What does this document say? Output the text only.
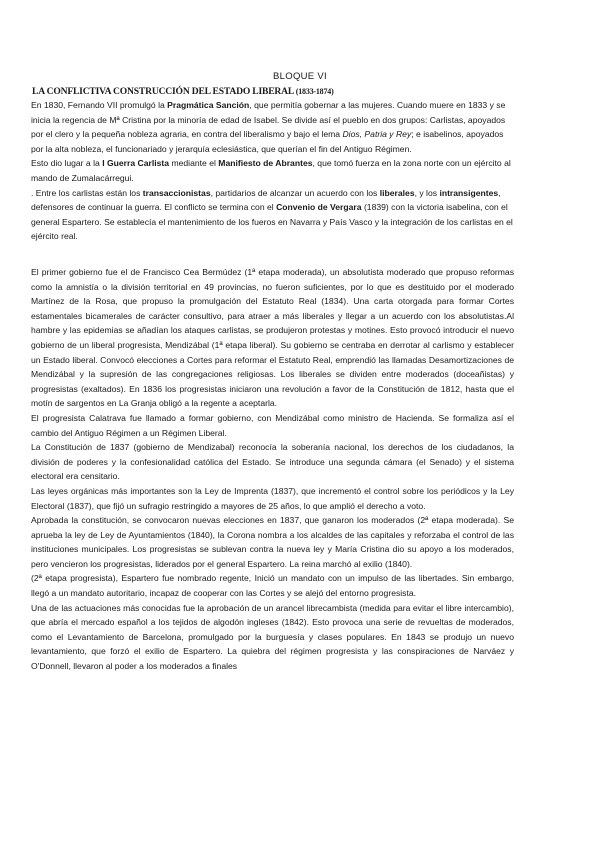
BLOQUE VI
LA CONFLICTIVA CONSTRUCCIÓN DEL ESTADO LIBERAL (1833-1874)

En 1830, Fernando VII promulgó la Pragmática Sanción, que permitía gobernar a las mujeres. Cuando muere en 1833 y se inicia la regencia de Mª Cristina por la minoría de edad de Isabel. Se divide así el pueblo en dos grupos: Carlistas, apoyados por el clero y la pequeña nobleza agraria, en contra del liberalismo y bajo el lema Dios, Patria y Rey; e isabelinos, apoyados por la alta nobleza, el funcionariado y jerarquía eclesiástica, que querían el fin del Antiguo Régimen.

Esto dio lugar a la I Guerra Carlista mediante el Manifiesto de Abrantes, que tomó fuerza en la zona norte con un ejército al mando de Zumalacárregui.

. Entre los carlistas están los transaccionistas, partidarios de alcanzar un acuerdo con los liberales, y los intransigentes, defensores de continuar la guerra. El conflicto se termina con el Convenio de Vergara (1839) con la victoria isabelina, con el general Espartero. Se establecía el mantenimiento de los fueros en Navarra y País Vasco y la integración de los carlistas en el ejército real.

El primer gobierno fue el de Francisco Cea Bermúdez (1ª etapa moderada), un absolutista moderado que propuso reformas como la amnistía o la división territorial en 49 provincias, no fueron suficientes, por lo que es destituido por el moderado Martínez de la Rosa, que propuso la promulgación del Estatuto Real (1834). Una carta otorgada para formar Cortes estamentales bicamerales de carácter consultivo, para atraer a más liberales y llegar a un acuerdo con los absolutistas.Al hambre y las epidemias se añadían los ataques carlistas, se produjeron protestas y motines. Esto provocó introducir el nuevo gobierno de un liberal progresista, Mendizábal (1ª etapa liberal). Su gobierno se centraba en derrotar al carlismo y establecer un Estado liberal. Convocó elecciones a Cortes para reformar el Estatuto Real, emprendió las llamadas Desamortizaciones de Mendizábal y la supresión de las congregaciones religiosas. Los liberales se dividen entre moderados (doceañistas) y progresistas (exaltados). En 1836 los progresistas iniciaron una revolución a favor de la Constitución de 1812, hasta que el motín de sargentos en La Granja obligó a la regente a aceptarla.

El progresista Calatrava fue llamado a formar gobierno, con Mendizábal como ministro de Hacienda. Se formaliza así el cambio del Antiguo Régimen a un Régimen Liberal.

La Constitución de 1837 (gobierno de Mendizabal) reconocía la soberanía nacional, los derechos de los ciudadanos, la división de poderes y la confesionalidad católica del Estado. Se introduce una segunda cámara (el Senado) y el sistema electoral era censitario.

Las leyes orgánicas más importantes son la Ley de Imprenta (1837), que incrementó el control sobre los periódicos y la Ley Electoral (1837), que fijó un sufragio restringido a mayores de 25 años, lo que amplió el derecho a voto.

Aprobada la constitución, se convocaron nuevas elecciones en 1837, que ganaron los moderados (2ª etapa moderada). Se aprueba la ley de Ley de Ayuntamientos (1840), la Corona nombra a los alcaldes de las capitales y reforzaba el control de las instituciones municipales. Los progresistas se sublevan contra la nueva ley y María Cristina dio su apoyo a los moderados, pero vencieron los progresistas, liderados por el general Espartero. La reina marchó al exilio (1840).

(2ª etapa progresista), Espartero fue nombrado regente, Inició un mandato con un impulso de las libertades. Sin embargo, llegó a un mandato autoritario, incapaz de cooperar con las Cortes y se alejó del entorno progresista.

Una de las actuaciones más conocidas fue la aprobación de un arancel librecambista (medida para evitar el libre intercambio), que abría el mercado español a los tejidos de algodón ingleses (1842). Esto provoca una serie de revueltas de moderados, como el Levantamiento de Barcelona, promulgado por la burguesía y clases populares. En 1843 se produjo un nuevo levantamiento, que forzó el exilio de Espartero. La quiebra del régimen progresista y las conspiraciones de Narváez y O'Donnell, llevaron al poder a los moderados a finales
